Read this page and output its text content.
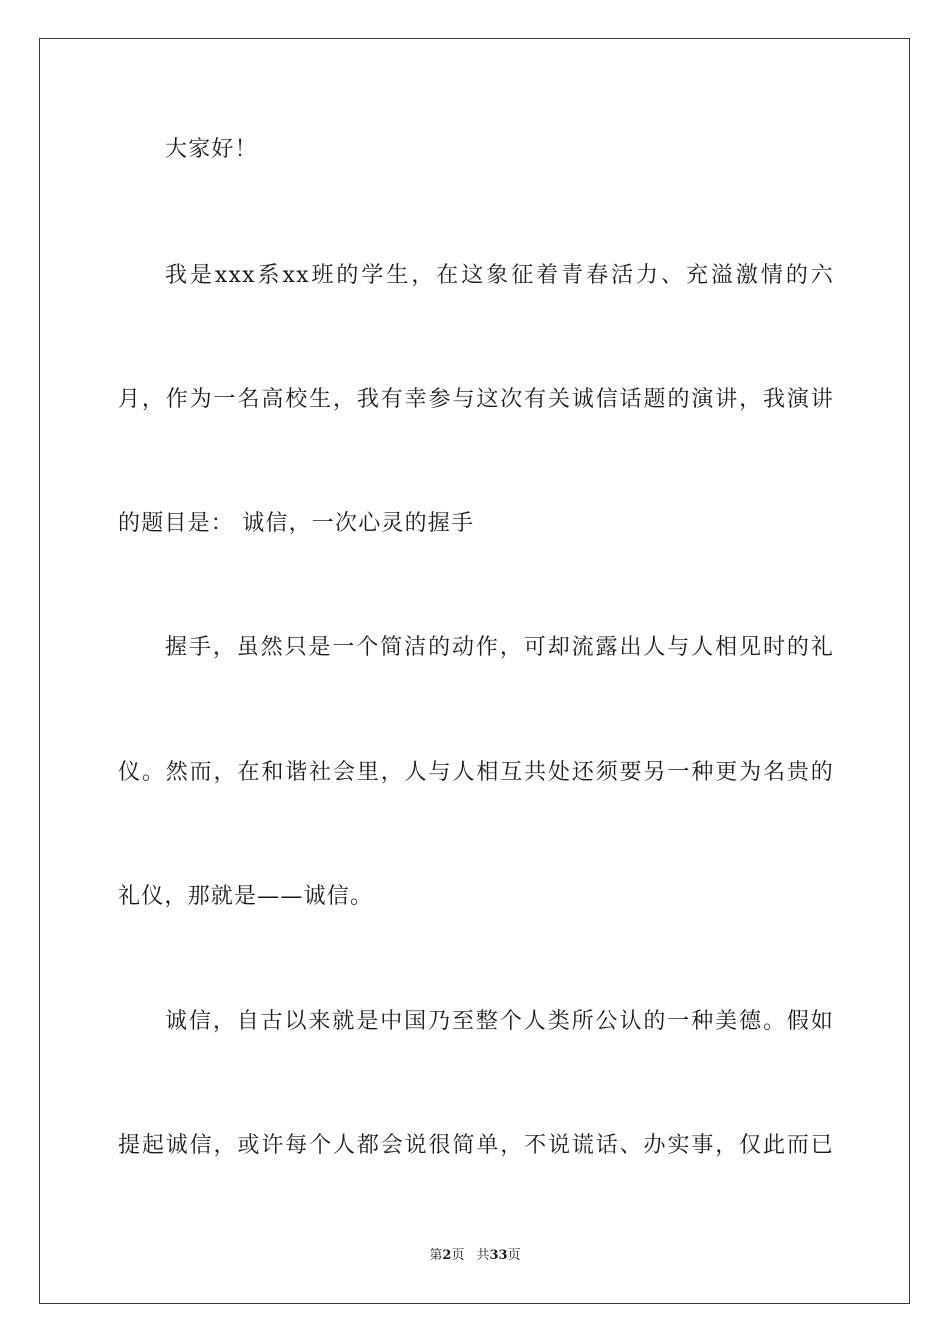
大家好！
我是xxx系xx班的学生，在这象征着青春活力、充溢激情的六
月，作为一名高校生，我有幸参与这次有关诚信话题的演讲，我演讲
的题目是： 诚信，一次心灵的握手
握手，虽然只是一个简洁的动作，可却流露出人与人相见时的礼
仪。然而，在和谐社会里，人与人相互共处还须要另一种更为名贵的
礼仪，那就是——诚信。
诚信，自古以来就是中国乃至整个人类所公认的一种美德。假如
提起诚信，或许每个人都会说很简单，不说谎话、办实事，仅此而已
第2页 共33页
